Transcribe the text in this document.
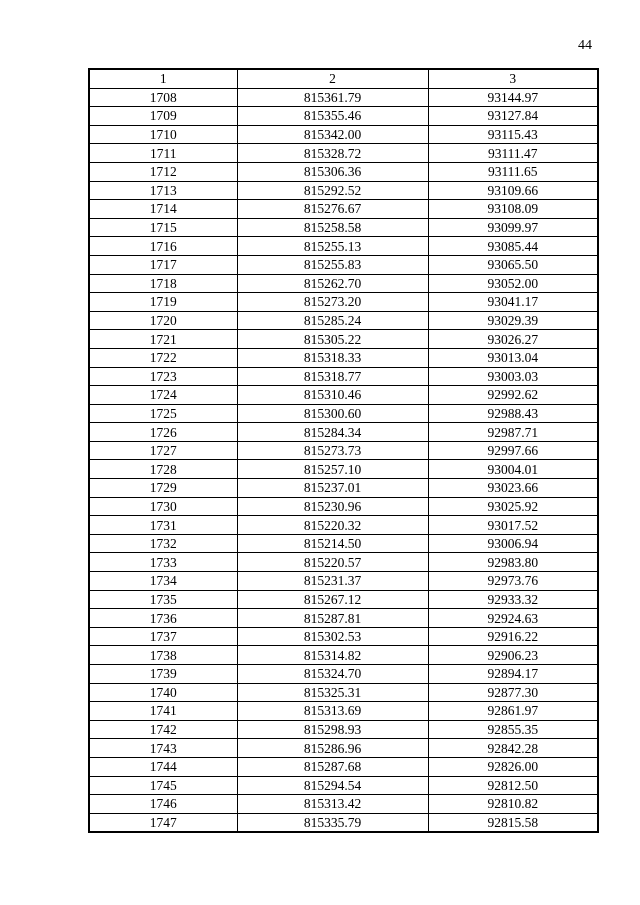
44
1	2	3
1708	815361.79	93144.97
1709	815355.46	93127.84
1710	815342.00	93115.43
1711	815328.72	93111.47
1712	815306.36	93111.65
1713	815292.52	93109.66
1714	815276.67	93108.09
1715	815258.58	93099.97
1716	815255.13	93085.44
1717	815255.83	93065.50
1718	815262.70	93052.00
1719	815273.20	93041.17
1720	815285.24	93029.39
1721	815305.22	93026.27
1722	815318.33	93013.04
1723	815318.77	93003.03
1724	815310.46	92992.62
1725	815300.60	92988.43
1726	815284.34	92987.71
1727	815273.73	92997.66
1728	815257.10	93004.01
1729	815237.01	93023.66
1730	815230.96	93025.92
1731	815220.32	93017.52
1732	815214.50	93006.94
1733	815220.57	92983.80
1734	815231.37	92973.76
1735	815267.12	92933.32
1736	815287.81	92924.63
1737	815302.53	92916.22
1738	815314.82	92906.23
1739	815324.70	92894.17
1740	815325.31	92877.30
1741	815313.69	92861.97
1742	815298.93	92855.35
1743	815286.96	92842.28
1744	815287.68	92826.00
1745	815294.54	92812.50
1746	815313.42	92810.82
1747	815335.79	92815.58
